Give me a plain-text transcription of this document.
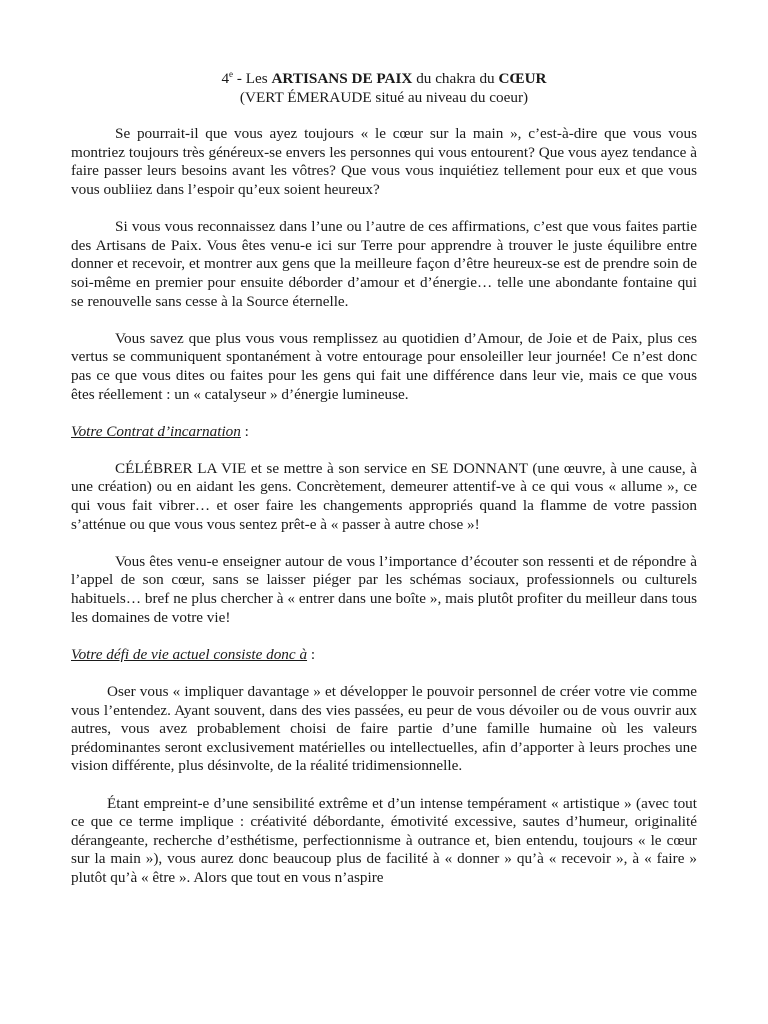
4e - Les ARTISANS DE PAIX du chakra du CŒUR
(VERT ÉMERAUDE situé au niveau du coeur)

Se pourrait-il que vous ayez toujours « le cœur sur la main », c’est-à-dire que vous vous montriez toujours très généreux-se envers les personnes qui vous entourent? Que vous ayez tendance à faire passer leurs besoins avant les vôtres? Que vous vous inquiétiez tellement pour eux et que vous vous oubliiez dans l’espoir qu’eux soient heureux?

Si vous vous reconnaissez dans l’une ou l’autre de ces affirmations, c’est que vous faites partie des Artisans de Paix. Vous êtes venu-e ici sur Terre pour apprendre à trouver le juste équilibre entre donner et recevoir, et montrer aux gens que la meilleure façon d’être heureux-se est de prendre soin de soi-même en premier pour ensuite déborder d’amour et d’énergie… telle une abondante fontaine qui se renouvelle sans cesse à la Source éternelle.

Vous savez que plus vous vous remplissez au quotidien d’Amour, de Joie et de Paix, plus ces vertus se communiquent spontanément à votre entourage pour ensoleiller leur journée! Ce n’est donc pas ce que vous dites ou faites pour les gens qui fait une différence dans leur vie, mais ce que vous êtes réellement : un « catalyseur » d’énergie lumineuse.

Votre Contrat d’incarnation :

CÉLÉBRER LA VIE et se mettre à son service en SE DONNANT (une œuvre, à une cause, à une création) ou en aidant les gens. Concrètement, demeurer attentif-ve à ce qui vous « allume », ce qui vous fait vibrer… et oser faire les changements appropriés quand la flamme de votre passion s’atténue ou que vous vous sentez prêt-e à « passer à autre chose »!

Vous êtes venu-e enseigner autour de vous l’importance d’écouter son ressenti et de répondre à l’appel de son cœur, sans se laisser piéger par les schémas sociaux, professionnels ou culturels habituels… bref ne plus chercher à « entrer dans une boîte », mais plutôt profiter du meilleur dans tous les domaines de votre vie!

Votre défi de vie actuel consiste donc à :

Oser vous « impliquer davantage » et développer le pouvoir personnel de créer votre vie comme vous l’entendez. Ayant souvent, dans des vies passées, eu peur de vous dévoiler ou de vous ouvrir aux autres, vous avez probablement choisi de faire partie d’une famille humaine où les valeurs prédominantes seront exclusivement matérielles ou intellectuelles, afin d’apporter à leurs proches une vision différente, plus désinvolte, de la réalité tridimensionnelle.

Étant empreint-e d’une sensibilité extrême et d’un intense tempérament « artistique » (avec tout ce que ce terme implique : créativité débordante, émotivité excessive, sautes d’humeur, originalité dérangeante, recherche d’esthétisme, perfectionnisme à outrance et, bien entendu, toujours « le cœur sur la main »), vous aurez donc beaucoup plus de facilité à « donner » qu’à « recevoir », à « faire » plutôt qu’à « être ». Alors que tout en vous n’aspire
